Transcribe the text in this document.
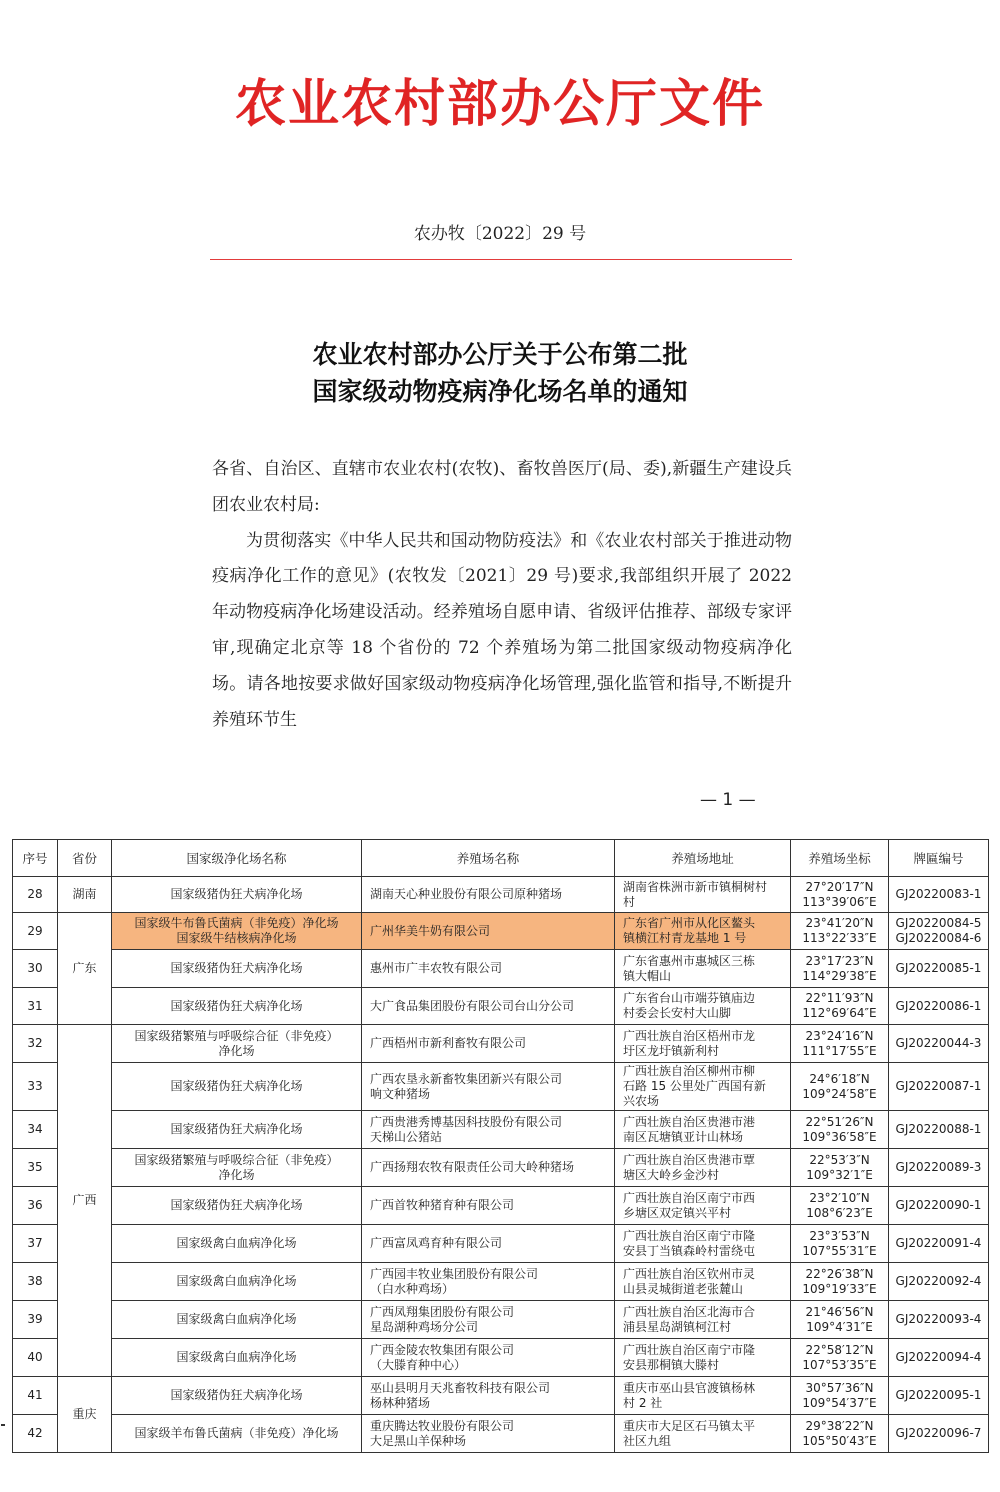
农业农村部办公厅文件
农办牧〔2022〕29 号
农业农村部办公厅关于公布第二批
国家级动物疫病净化场名单的通知

各省、自治区、直辖市农业农村(农牧)、畜牧兽医厅(局、委),新疆生产建设兵团农业农村局:

为贯彻落实《中华人民共和国动物防疫法》和《农业农村部关于推进动物疫病净化工作的意见》(农牧发〔2021〕29 号)要求,我部组织开展了 2022 年动物疫病净化场建设活动。经养殖场自愿申请、省级评估推荐、部级专家评审,现确定北京等 18 个省份的 72 个养殖场为第二批国家级动物疫病净化场。请各地按要求做好国家级动物疫病净化场管理,强化监管和指导,不断提升养殖环节生

— 1 —
序号	省份	国家级净化场名称	养殖场名称	养殖场地址	养殖场坐标	牌匾编号
28	湖南	国家级猪伪狂犬病净化场	湖南天心种业股份有限公司原种猪场	湖南省株洲市新市镇桐树村
村	27°20′17″N
113°39′06″E	GJ20220083-1

29	广东	国家级牛布鲁氏菌病（非免疫）净化场
国家级牛结核病净化场	广州华美牛奶有限公司	广东省广州市从化区鳌头
镇横江村青龙基地 1 号	23°41′20″N
113°22′33″E	GJ20220084-5
GJ20220084-6

30		国家级猪伪狂犬病净化场	惠州市广丰农牧有限公司	广东省惠州市惠城区三栋
镇大帽山	23°17′23″N
114°29′38″E	GJ20220085-1

31		国家级猪伪狂犬病净化场	大广食品集团股份有限公司台山分公司	广东省台山市端芬镇庙边
村委会长安村大山脚	22°11′93″N
112°69′64″E	GJ20220086-1

32	广西	国家级猪繁殖与呼吸综合征（非免疫）
净化场	广西梧州市新利畜牧有限公司	广西壮族自治区梧州市龙
圩区龙圩镇新利村	23°24′16″N
111°17′55″E	GJ20220044-3

33		国家级猪伪狂犬病净化场	广西农垦永新畜牧集团新兴有限公司
响文种猪场	广西壮族自治区柳州市柳
石路 15 公里处广西国有新
兴农场	24°6′18″N
109°24′58″E	GJ20220087-1

34		国家级猪伪狂犬病净化场	广西贵港秀博基因科技股份有限公司
天梯山公猪站	广西壮族自治区贵港市港
南区瓦塘镇亚计山林场	22°51′26″N
109°36′58″E	GJ20220088-1

35		国家级猪繁殖与呼吸综合征（非免疫）
净化场	广西扬翔农牧有限责任公司大岭种猪场	广西壮族自治区贵港市覃
塘区大岭乡金沙村	22°53′3″N
109°32′1″E	GJ20220089-3

36		国家级猪伪狂犬病净化场	广西首牧种猪育种有限公司	广西壮族自治区南宁市西
乡塘区双定镇兴平村	23°2′10″N
108°6′23″E	GJ20220090-1

37		国家级禽白血病净化场	广西富凤鸡育种有限公司	广西壮族自治区南宁市隆
安县丁当镇森岭村雷绕屯	23°3′53″N
107°55′31″E	GJ20220091-4

38		国家级禽白血病净化场	广西园丰牧业集团股份有限公司
（白水种鸡场）	广西壮族自治区钦州市灵
山县灵城街道老张麓山	22°26′38″N
109°19′33″E	GJ20220092-4

39		国家级禽白血病净化场	广西凤翔集团股份有限公司
星岛湖种鸡场分公司	广西壮族自治区北海市合
浦县星岛湖镇柯江村	21°46′56″N
109°4′31″E	GJ20220093-4

40		国家级禽白血病净化场	广西金陵农牧集团有限公司
（大滕育种中心）	广西壮族自治区南宁市隆
安县那桐镇大滕村	22°58′12″N
107°53′35″E	GJ20220094-4

41	重庆	国家级猪伪狂犬病净化场	巫山县明月天兆畜牧科技有限公司
杨林种猪场	重庆市巫山县官渡镇杨林
村 2 社	30°57′36″N
109°54′37″E	GJ20220095-1

42		国家级羊布鲁氏菌病（非免疫）净化场	重庆腾达牧业股份有限公司
大足黑山羊保种场	重庆市大足区石马镇太平
社区九组	29°38′22″N
105°50′43″E	GJ20220096-7
